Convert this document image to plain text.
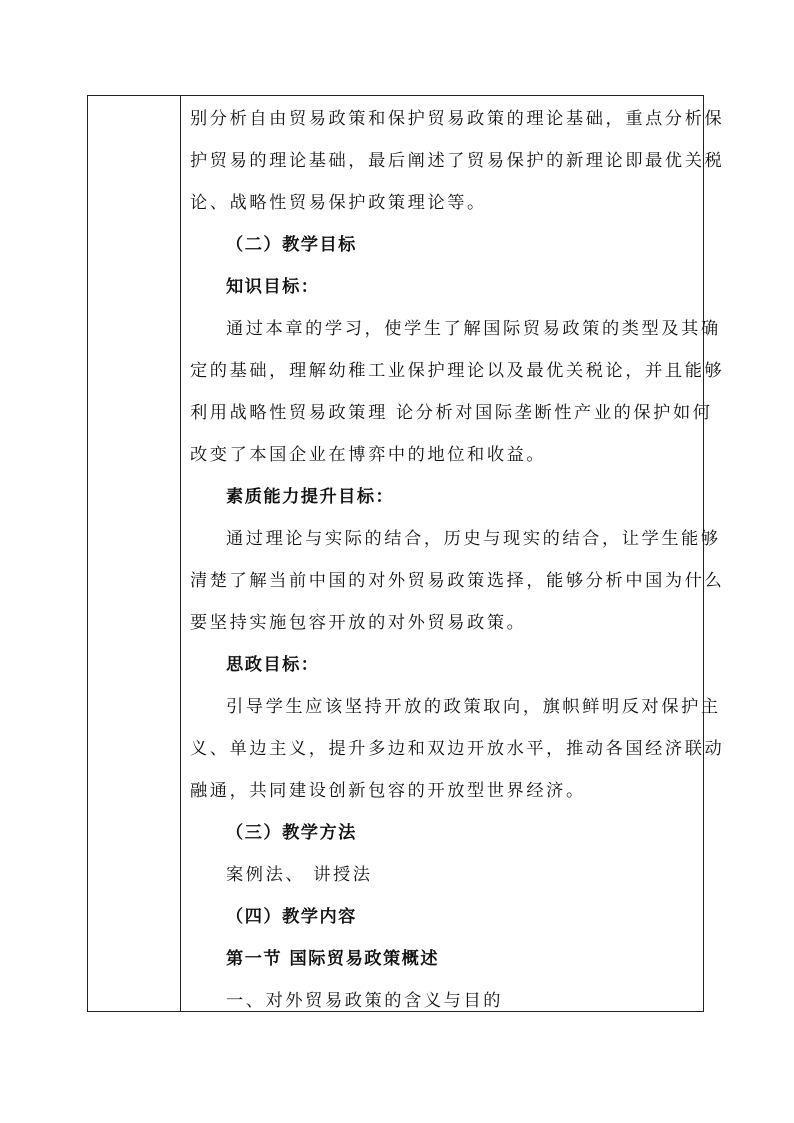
别分析自由贸易政策和保护贸易政策的理论基础，重点分析保
护贸易的理论基础，最后阐述了贸易保护的新理论即最优关税
论、战略性贸易保护政策理论等。
（二）教学目标
知识目标：
通过本章的学习，使学生了解国际贸易政策的类型及其确
定的基础，理解幼稚工业保护理论以及最优关税论，并且能够
利用战略性贸易政策理 论分析对国际垄断性产业的保护如何
改变了本国企业在博弈中的地位和收益。
素质能力提升目标：
通过理论与实际的结合，历史与现实的结合，让学生能够
清楚了解当前中国的对外贸易政策选择，能够分析中国为什么
要坚持实施包容开放的对外贸易政策。
思政目标：
引导学生应该坚持开放的政策取向，旗帜鲜明反对保护主
义、单边主义，提升多边和双边开放水平，推动各国经济联动
融通，共同建设创新包容的开放型世界经济。
（三）教学方法
案例法、 讲授法
（四）教学内容
第一节 国际贸易政策概述
一、对外贸易政策的含义与目的
